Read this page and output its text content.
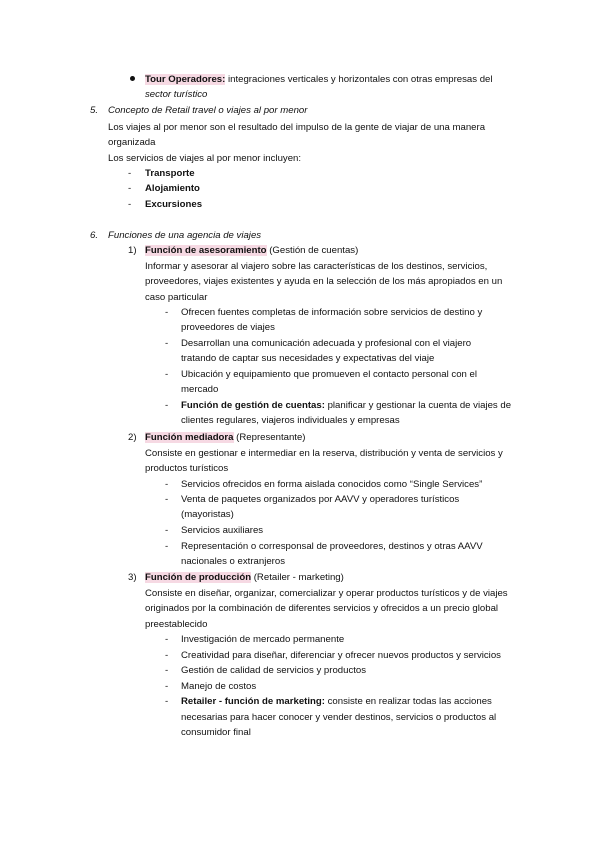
Tour Operadores: integraciones verticales y horizontales con otras empresas del
sector turístico
5. Concepto de Retail travel o viajes al por menor
Los viajes al por menor son el resultado del impulso de la gente de viajar de una manera
organizada
Los servicios de viajes al por menor incluyen:
- Transporte
- Alojamiento
- Excursiones
6. Funciones de una agencia de viajes
1) Función de asesoramiento (Gestión de cuentas)
Informar y asesorar al viajero sobre las características de los destinos, servicios,
proveedores, viajes existentes y ayuda en la selección de los más apropiados en un
caso particular
- Ofrecen fuentes completas de información sobre servicios de destino y
proveedores de viajes
- Desarrollan una comunicación adecuada y profesional con el viajero
tratando de captar sus necesidades y expectativas del viaje
- Ubicación y equipamiento que promueven el contacto personal con el
mercado
- Función de gestión de cuentas: planificar y gestionar la cuenta de viajes de
clientes regulares, viajeros individuales y empresas
2) Función mediadora (Representante)
Consiste en gestionar e intermediar en la reserva, distribución y venta de servicios y
productos turísticos
- Servicios ofrecidos en forma aislada conocidos como “Single Services”
- Venta de paquetes organizados por AAVV y operadores turísticos
(mayoristas)
- Servicios auxiliares
- Representación o corresponsal de proveedores, destinos y otras AAVV
nacionales o extranjeros
3) Función de producción (Retailer - marketing)
Consiste en diseñar, organizar, comercializar y operar productos turísticos y de viajes
originados por la combinación de diferentes servicios y ofrecidos a un precio global
preestablecido
- Investigación de mercado permanente
- Creatividad para diseñar, diferenciar y ofrecer nuevos productos y servicios
- Gestión de calidad de servicios y productos
- Manejo de costos
- Retailer - función de marketing: consiste en realizar todas las acciones
necesarias para hacer conocer y vender destinos, servicios o productos al
consumidor final
